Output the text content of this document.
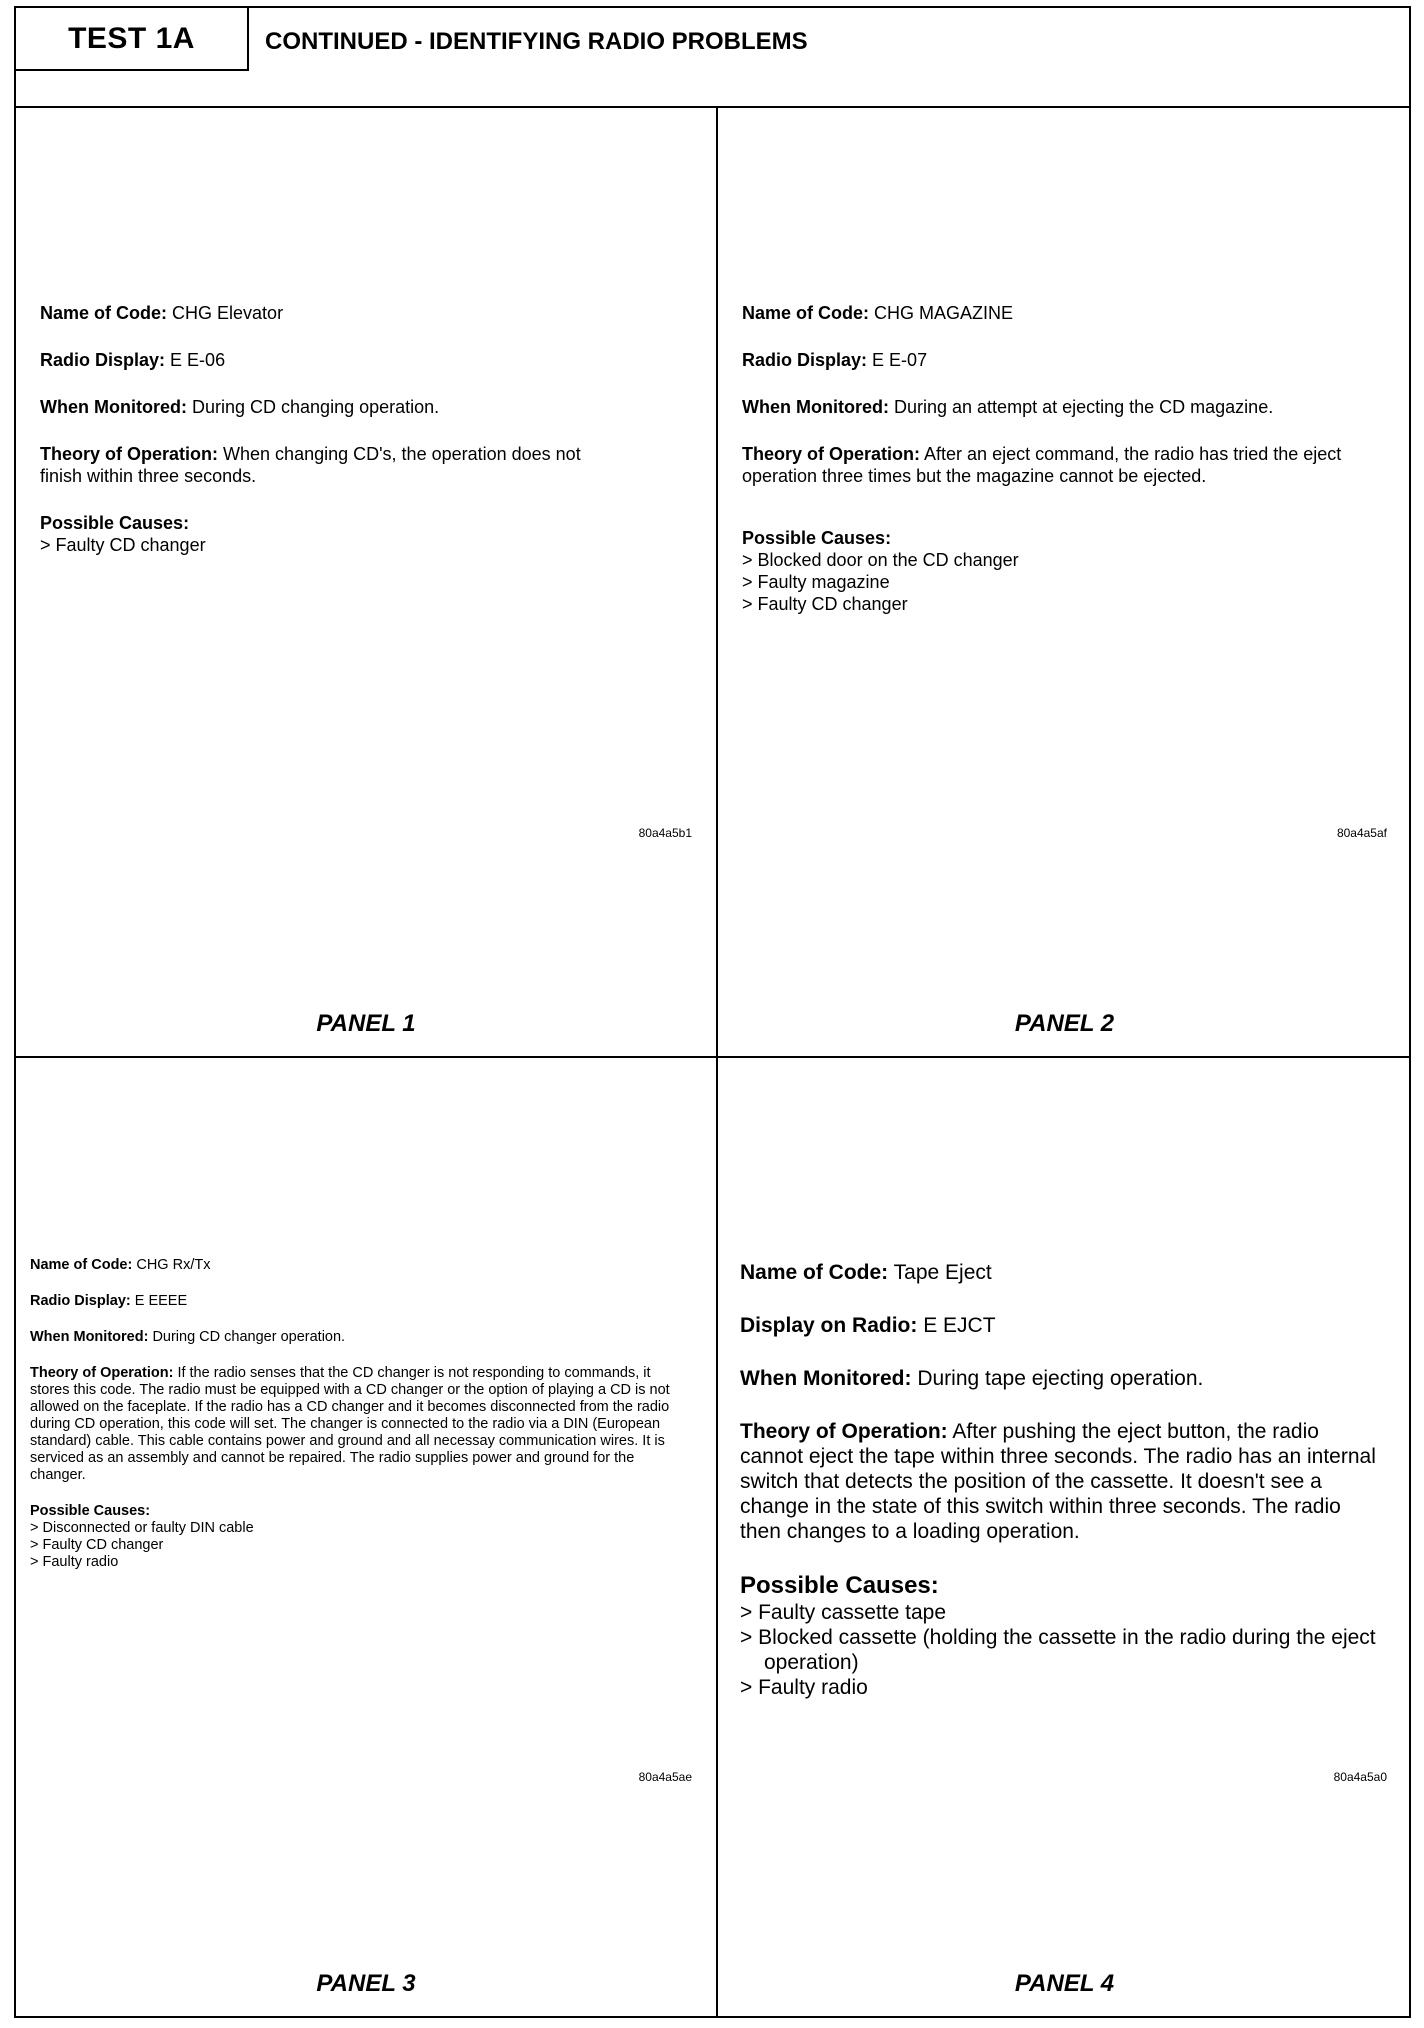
TEST 1A	CONTINUED - IDENTIFYING RADIO PROBLEMS
Name of Code: CHG Elevator
Radio Display: E E-06
When Monitored: During CD changing operation.
Theory of Operation: When changing CD's, the operation does not finish within three seconds.
Possible Causes:
> Faulty CD changer
80a4a5b1
PANEL 1
Name of Code: CHG MAGAZINE
Radio Display: E E-07
When Monitored: During an attempt at ejecting the CD magazine.
Theory of Operation: After an eject command, the radio has tried the eject operation three times but the magazine cannot be ejected.
Possible Causes:
> Blocked door on the CD changer
> Faulty magazine
> Faulty CD changer
80a4a5af
PANEL 2
Name of Code: CHG Rx/Tx
Radio Display: E EEEE
When Monitored: During CD changer operation.
Theory of Operation: If the radio senses that the CD changer is not responding to commands, it stores this code. The radio must be equipped with a CD changer or the option of playing a CD is not allowed on the faceplate. If the radio has a CD changer and it becomes disconnected from the radio during CD operation, this code will set. The changer is connected to the radio via a DIN (European standard) cable. This cable contains power and ground and all necessay communication wires. It is serviced as an assembly and cannot be repaired. The radio supplies power and ground for the changer.
Possible Causes:
> Disconnected or faulty DIN cable
> Faulty CD changer
> Faulty radio
80a4a5ae
PANEL 3
Name of Code: Tape Eject
Display on Radio: E EJCT
When Monitored: During tape ejecting operation.
Theory of Operation: After pushing the eject button, the radio cannot eject the tape within three seconds. The radio has an internal switch that detects the position of the cassette. It doesn't see a change in the state of this switch within three seconds. The radio then changes to a loading operation.
Possible Causes:
> Faulty cassette tape
> Blocked cassette (holding the cassette in the radio during the eject operation)
> Faulty radio
80a4a5a0
PANEL 4
